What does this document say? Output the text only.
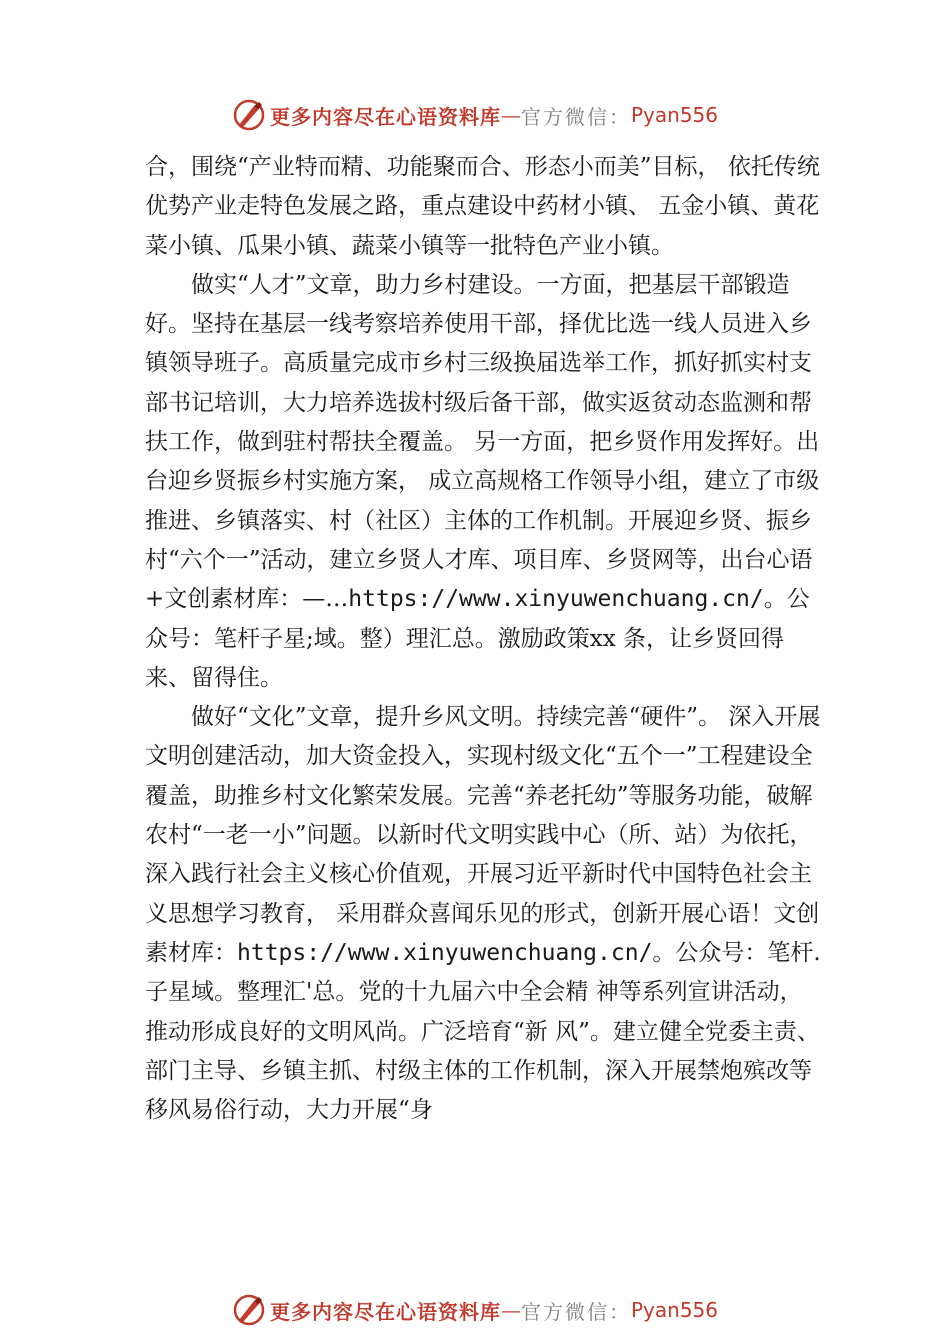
更多内容尽在心语资料库 — 官方微信： Pyan556

合，围绕“产业特而精、功能聚而合、形态小而美”目标， 依托传统优势产业走特色发展之路，重点建设中药材小镇、 五金小镇、黄花菜小镇、瓜果小镇、蔬菜小镇等一批特色产业小镇。

做实“人才”文章，助力乡村建设。一方面，把基层干部锻造好。坚持在基层一线考察培养使用干部，择优比选一线人员进入乡镇领导班子。高质量完成市乡村三级换届选举工作，抓好抓实村支部书记培训，大力培养选拔村级后备干部，做实返贫动态监测和帮扶工作，做到驻村帮扶全覆盖。 另一方面，把乡贤作用发挥好。出台迎乡贤振乡村实施方案， 成立高规格工作领导小组，建立了市级推进、乡镇落实、村（社区）主体的工作机制。开展迎乡贤、振乡村“六个一”活动，建立乡贤人才库、项目库、乡贤网等，出台心语+文创素材库：—…https://www.xinyuwenchuang.cn/。公众号：笔杆子星;域。整）理汇总。激励政策xx 条，让乡贤回得来、留得住。

做好“文化”文章，提升乡风文明。持续完善“硬件”。 深入开展文明创建活动，加大资金投入，实现村级文化“五个一”工程建设全覆盖，助推乡村文化繁荣发展。完善“养老托幼”等服务功能，破解农村“一老一小”问题。以新时代文明实践中心（所、站）为依托，深入践行社会主义核心价值观，开展习近平新时代中国特色社会主义思想学习教育， 采用群众喜闻乐见的形式，创新开展心语！文创素材库：https://www.xinyuwenchuang.cn/。公众号：笔杆.子星域。整理汇'总。党的十九届六中全会精 神等系列宣讲活动，推动形成良好的文明风尚。广泛培育“新 风”。建立健全党委主责、部门主导、乡镇主抓、村级主体的工作机制，深入开展禁炮殡改等移风易俗行动，大力开展“身

更多内容尽在心语资料库 — 官方微信： Pyan556
